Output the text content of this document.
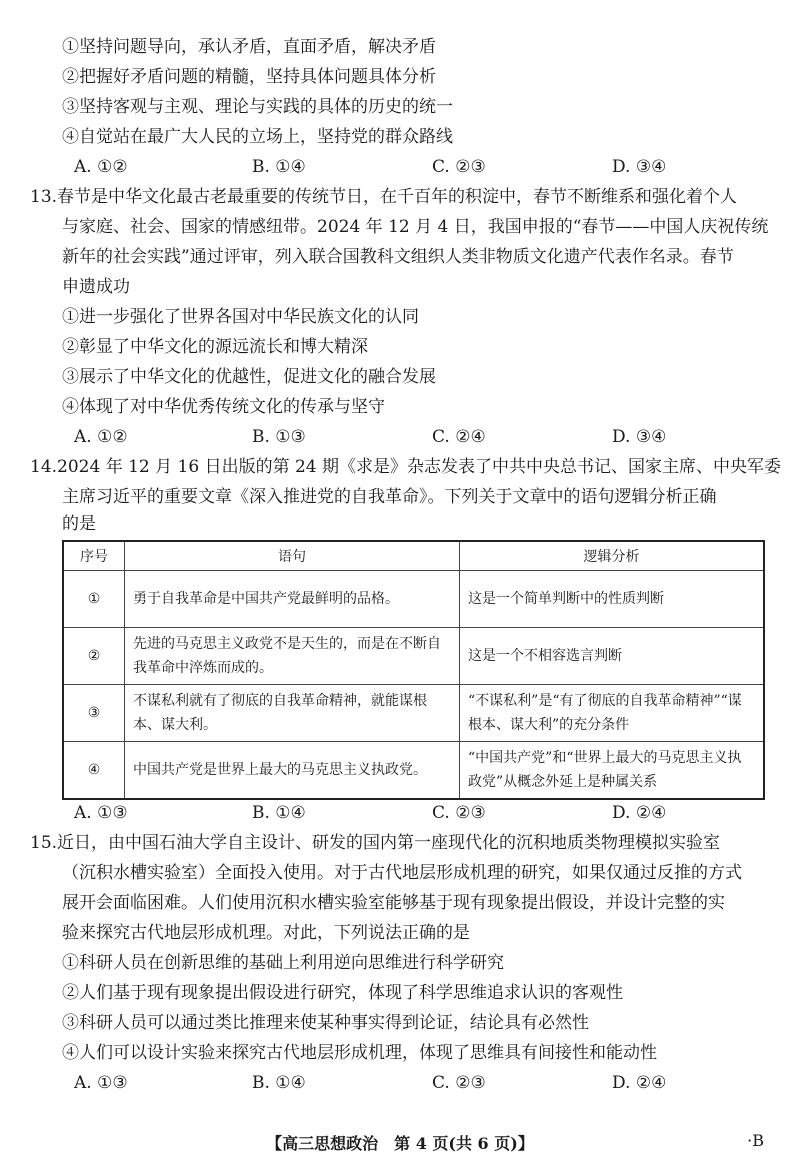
①坚持问题导向，承认矛盾，直面矛盾，解决矛盾
②把握好矛盾问题的精髓，坚持具体问题具体分析
③坚持客观与主观、理论与实践的具体的历史的统一
④自觉站在最广大人民的立场上，坚持党的群众路线
A. ①②	B. ①④	C. ②③	D. ③④
13.春节是中华文化最古老最重要的传统节日，在千百年的积淀中，春节不断维系和强化着个人
与家庭、社会、国家的情感纽带。2024 年 12 月 4 日，我国申报的“春节——中国人庆祝传统
新年的社会实践”通过评审，列入联合国教科文组织人类非物质文化遗产代表作名录。春节
申遗成功
①进一步强化了世界各国对中华民族文化的认同
②彰显了中华文化的源远流长和博大精深
③展示了中华文化的优越性，促进文化的融合发展
④体现了对中华优秀传统文化的传承与坚守
A. ①②	B. ①③	C. ②④	D. ③④
14.2024 年 12 月 16 日出版的第 24 期《求是》杂志发表了中共中央总书记、国家主席、中央军委
主席习近平的重要文章《深入推进党的自我革命》。下列关于文章中的语句逻辑分析正确
的是
序号	语句	逻辑分析
①	勇于自我革命是中国共产党最鲜明的品格。	这是一个简单判断中的性质判断
②	先进的马克思主义政党不是天生的，而是在不断自我革命中淬炼而成的。	这是一个不相容选言判断
③	不谋私利就有了彻底的自我革命精神，就能谋根本、谋大利。	“不谋私利”是“有了彻底的自我革命精神”“谋根本、谋大利”的充分条件
④	中国共产党是世界上最大的马克思主义执政党。	“中国共产党”和“世界上最大的马克思主义执政党”从概念外延上是种属关系
A. ①③	B. ①④	C. ②③	D. ②④
15.近日，由中国石油大学自主设计、研发的国内第一座现代化的沉积地质类物理模拟实验室
（沉积水槽实验室）全面投入使用。对于古代地层形成机理的研究，如果仅通过反推的方式
展开会面临困难。人们使用沉积水槽实验室能够基于现有现象提出假设，并设计完整的实
验来探究古代地层形成机理。对此，下列说法正确的是
①科研人员在创新思维的基础上利用逆向思维进行科学研究
②人们基于现有现象提出假设进行研究，体现了科学思维追求认识的客观性
③科研人员可以通过类比推理来使某种事实得到论证，结论具有必然性
④人们可以设计实验来探究古代地层形成机理，体现了思维具有间接性和能动性
A. ①③	B. ①④	C. ②③	D. ②④
【高三思想政治　第 4 页(共 6 页)】	·B
